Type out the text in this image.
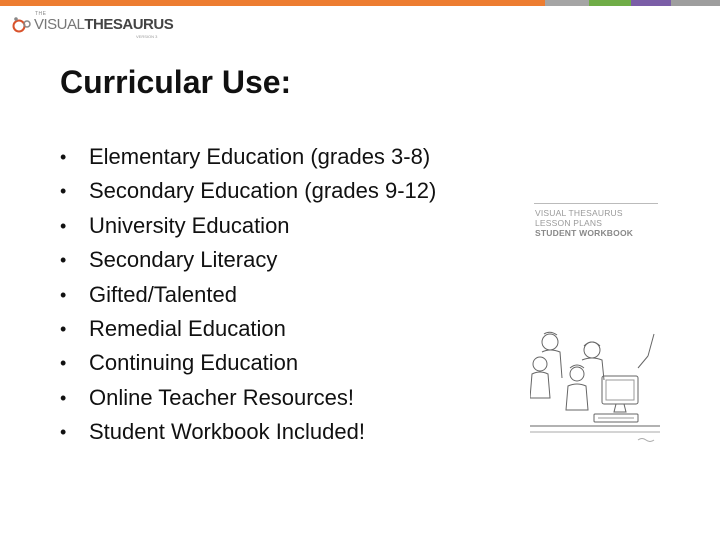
THE
VISUALTHESAURUS
VERSION 3
Curricular Use:
•	Elementary Education (grades 3-8)
•	Secondary Education (grades 9-12)
•	University Education
•	Secondary Literacy
•	Gifted/Talented
•	Remedial Education
•	Continuing Education
•	Online Teacher Resources!
•	Student Workbook Included!
VISUAL THESAURUS
LESSON PLANS
STUDENT WORKBOOK
